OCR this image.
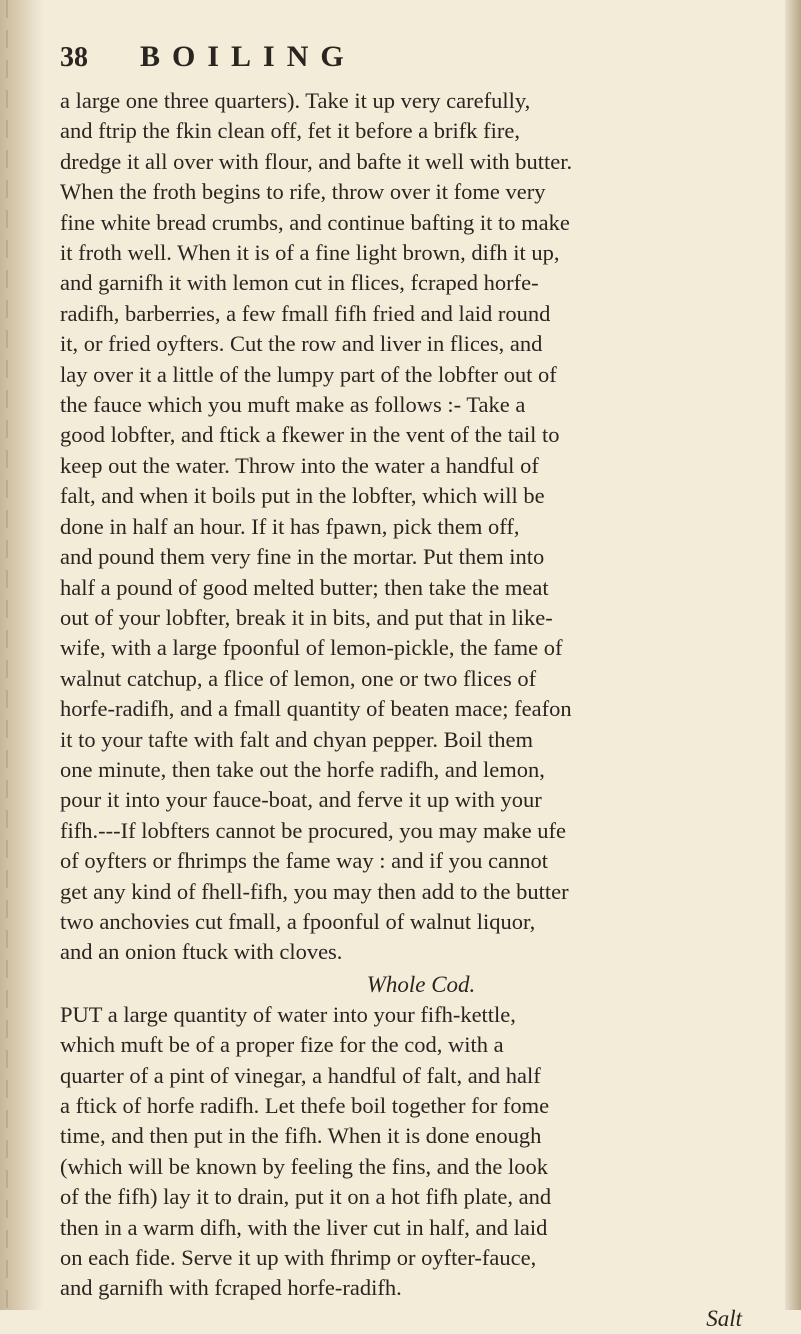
38 BOILING

a large one three quarters). Take it up very carefully,
and ftrip the fkin clean off, fet it before a brifk fire,
dredge it all over with flour, and bafte it well with butter.
When the froth begins to rife, throw over it fome very
fine white bread crumbs, and continue bafting it to make
it froth well. When it is of a fine light brown, difh it up,
and garnifh it with lemon cut in flices, fcraped horfe-
radifh, barberries, a few fmall fifh fried and laid round
it, or fried oyfters. Cut the row and liver in flices, and
lay over it a little of the lumpy part of the lobfter out of
the fauce which you muft make as follows :- Take a
good lobfter, and ftick a fkewer in the vent of the tail to
keep out the water. Throw into the water a handful of
falt, and when it boils put in the lobfter, which will be
done in half an hour. If it has fpawn, pick them off,
and pound them very fine in the mortar. Put them into
half a pound of good melted butter; then take the meat
out of your lobfter, break it in bits, and put that in like-
wife, with a large fpoonful of lemon-pickle, the fame of
walnut catchup, a flice of lemon, one or two flices of
horfe-radifh, and a fmall quantity of beaten mace; feafon
it to your tafte with falt and chyan pepper. Boil them
one minute, then take out the horfe radifh, and lemon,
pour it into your fauce-boat, and ferve it up with your
fifh.---If lobfters cannot be procured, you may make ufe
of oyfters or fhrimps the fame way : and if you cannot
get any kind of fhell-fifh, you may then add to the butter
two anchovies cut fmall, a fpoonful of walnut liquor,
and an onion ftuck with cloves.

Whole Cod.

PUT a large quantity of water into your fifh-kettle,
which muft be of a proper fize for the cod, with a
quarter of a pint of vinegar, a handful of falt, and half
a ftick of horfe radifh. Let thefe boil together for fome
time, and then put in the fifh. When it is done enough
(which will be known by feeling the fins, and the look
of the fifh) lay it to drain, put it on a hot fifh plate, and
then in a warm difh, with the liver cut in half, and laid
on each fide. Serve it up with fhrimp or oyfter-fauce,
and garnifh with fcraped horfe-radifh.

Salt
